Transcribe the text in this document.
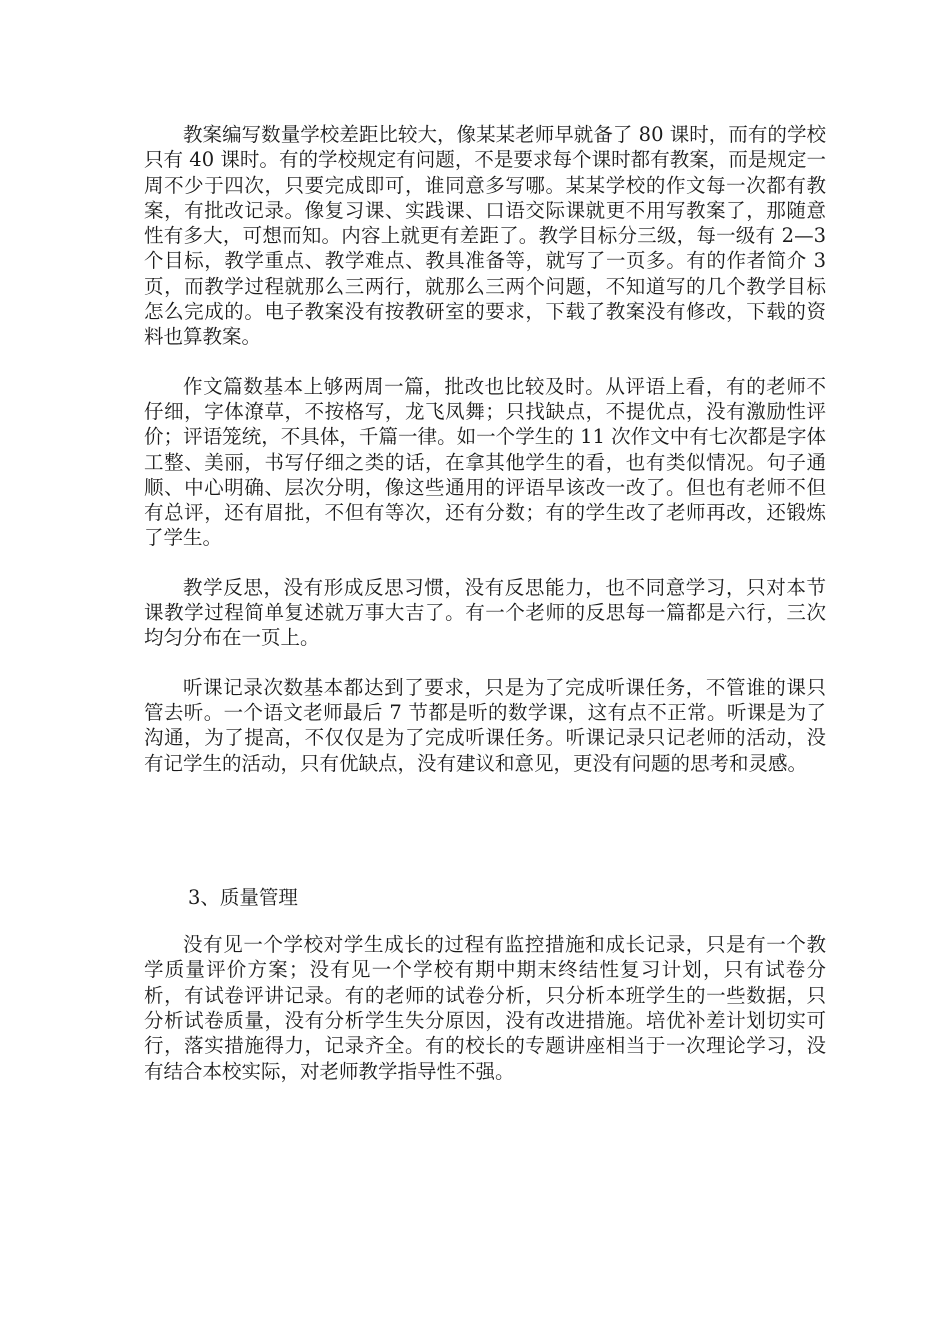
教案编写数量学校差距比较大，像某某老师早就备了 80 课时，而有的学校只有 40 课时。有的学校规定有问题，不是要求每个课时都有教案，而是规定一周不少于四次，只要完成即可，谁同意多写哪。某某学校的作文每一次都有教案，有批改记录。像复习课、实践课、口语交际课就更不用写教案了，那随意性有多大，可想而知。内容上就更有差距了。教学目标分三级，每一级有 2—3 个目标，教学重点、教学难点、教具准备等，就写了一页多。有的作者简介 3 页，而教学过程就那么三两行，就那么三两个问题，不知道写的几个教学目标怎么完成的。电子教案没有按教研室的要求，下载了教案没有修改，下载的资料也算教案。

作文篇数基本上够两周一篇，批改也比较及时。从评语上看，有的老师不仔细，字体潦草，不按格写，龙飞凤舞；只找缺点，不提优点，没有激励性评价；评语笼统，不具体，千篇一律。如一个学生的 11 次作文中有七次都是字体工整、美丽，书写仔细之类的话，在拿其他学生的看，也有类似情况。句子通顺、中心明确、层次分明，像这些通用的评语早该改一改了。但也有老师不但有总评，还有眉批，不但有等次，还有分数；有的学生改了老师再改，还锻炼了学生。

教学反思，没有形成反思习惯，没有反思能力，也不同意学习，只对本节课教学过程简单复述就万事大吉了。有一个老师的反思每一篇都是六行，三次均匀分布在一页上。

听课记录次数基本都达到了要求，只是为了完成听课任务，不管谁的课只管去听。一个语文老师最后 7 节都是听的数学课，这有点不正常。听课是为了沟通，为了提高，不仅仅是为了完成听课任务。听课记录只记老师的活动，没有记学生的活动，只有优缺点，没有建议和意见，更没有问题的思考和灵感。

3、质量管理

没有见一个学校对学生成长的过程有监控措施和成长记录，只是有一个教学质量评价方案；没有见一个学校有期中期末终结性复习计划，只有试卷分析，有试卷评讲记录。有的老师的试卷分析，只分析本班学生的一些数据，只分析试卷质量，没有分析学生失分原因，没有改进措施。培优补差计划切实可行，落实措施得力，记录齐全。有的校长的专题讲座相当于一次理论学习，没有结合本校实际，对老师教学指导性不强。
